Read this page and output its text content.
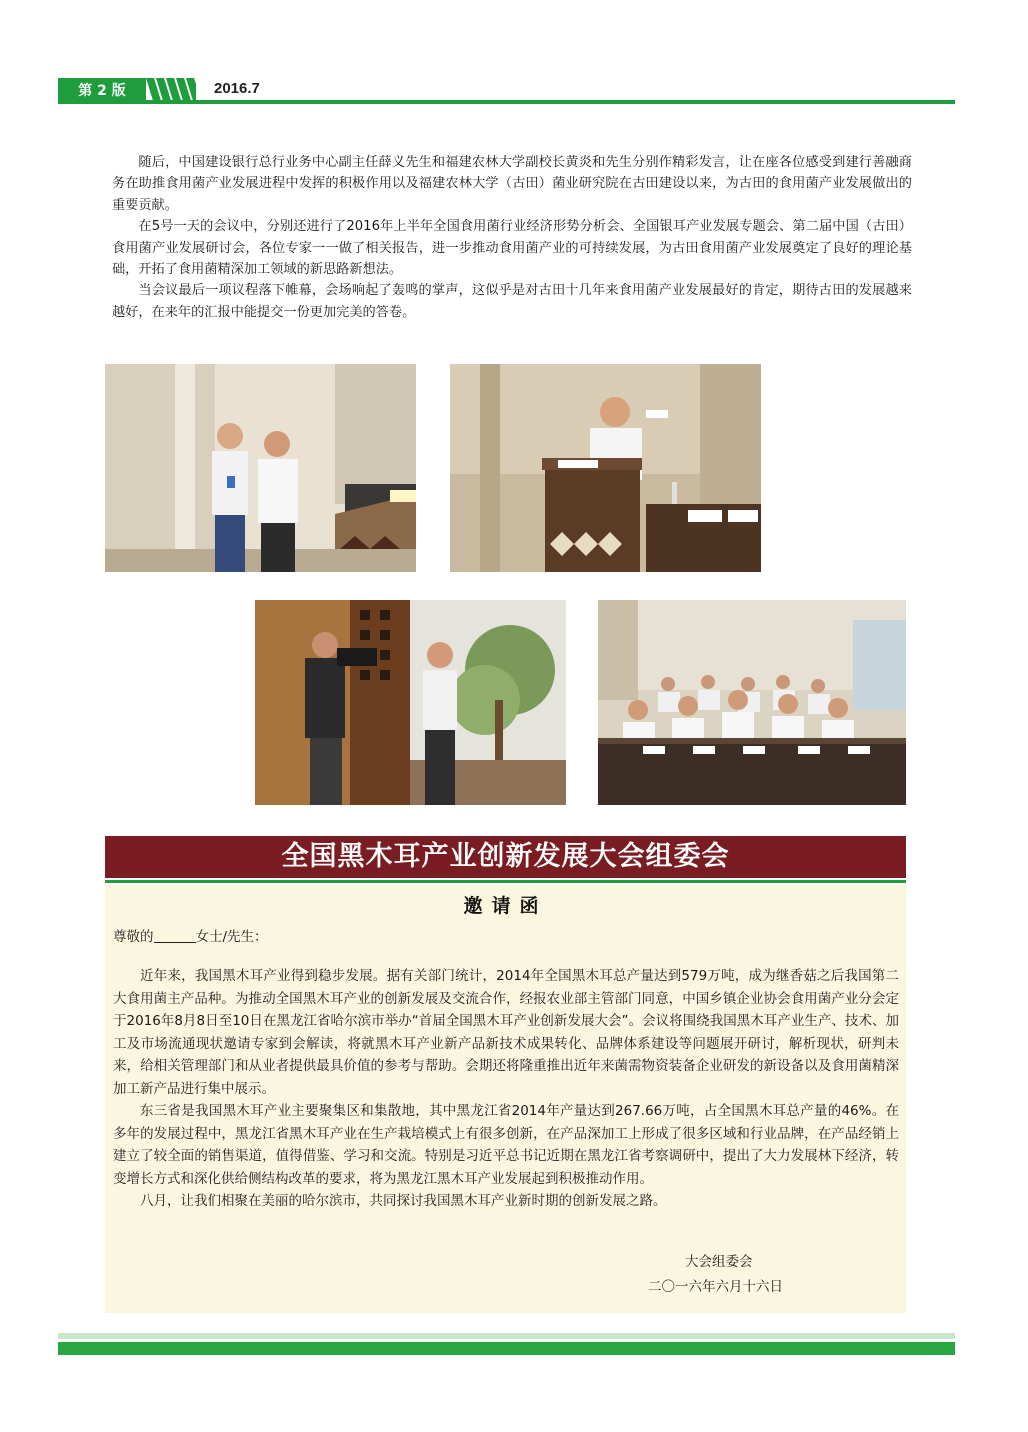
第 2 版	2016.7

随后，中国建设银行总行业务中心副主任薛义先生和福建农林大学副校长黄炎和先生分别作精彩发言，让在座各位感受到建行善融商务在助推食用菌产业发展进程中发挥的积极作用以及福建农林大学（古田）菌业研究院在古田建设以来，为古田的食用菌产业发展做出的重要贡献。

在5号一天的会议中，分别还进行了2016年上半年全国食用菌行业经济形势分析会、全国银耳产业发展专题会、第二届中国（古田）食用菌产业发展研讨会，各位专家一一做了相关报告，进一步推动食用菌产业的可持续发展，为古田食用菌产业发展奠定了良好的理论基础，开拓了食用菌精深加工领域的新思路新想法。

当会议最后一项议程落下帷幕，会场响起了轰鸣的掌声，这似乎是对古田十几年来食用菌产业发展最好的肯定，期待古田的发展越来越好，在来年的汇报中能提交一份更加完美的答卷。

全国黑木耳产业创新发展大会组委会
邀请函
尊敬的	女士/先生：

近年来，我国黑木耳产业得到稳步发展。据有关部门统计，2014年全国黑木耳总产量达到579万吨，成为继香菇之后我国第二大食用菌主产品种。为推动全国黑木耳产业的创新发展及交流合作，经报农业部主管部门同意，中国乡镇企业协会食用菌产业分会定于2016年8月8日至10日在黑龙江省哈尔滨市举办“首届全国黑木耳产业创新发展大会”。会议将围绕我国黑木耳产业生产、技术、加工及市场流通现状邀请专家到会解读，将就黑木耳产业新产品新技术成果转化、品牌体系建设等问题展开研讨，解析现状，研判未来，给相关管理部门和从业者提供最具价值的参考与帮助。会期还将隆重推出近年来菌需物资装备企业研发的新设备以及食用菌精深加工新产品进行集中展示。

东三省是我国黑木耳产业主要聚集区和集散地，其中黑龙江省2014年产量达到267.66万吨，占全国黑木耳总产量的46%。在多年的发展过程中，黑龙江省黑木耳产业在生产栽培模式上有很多创新，在产品深加工上形成了很多区域和行业品牌，在产品经销上建立了较全面的销售渠道，值得借鉴、学习和交流。特别是习近平总书记近期在黑龙江省考察调研中，提出了大力发展林下经济，转变增长方式和深化供给侧结构改革的要求，将为黑龙江黑木耳产业发展起到积极推动作用。

八月，让我们相聚在美丽的哈尔滨市，共同探讨我国黑木耳产业新时期的创新发展之路。

大会组委会
二〇一六年六月十六日
